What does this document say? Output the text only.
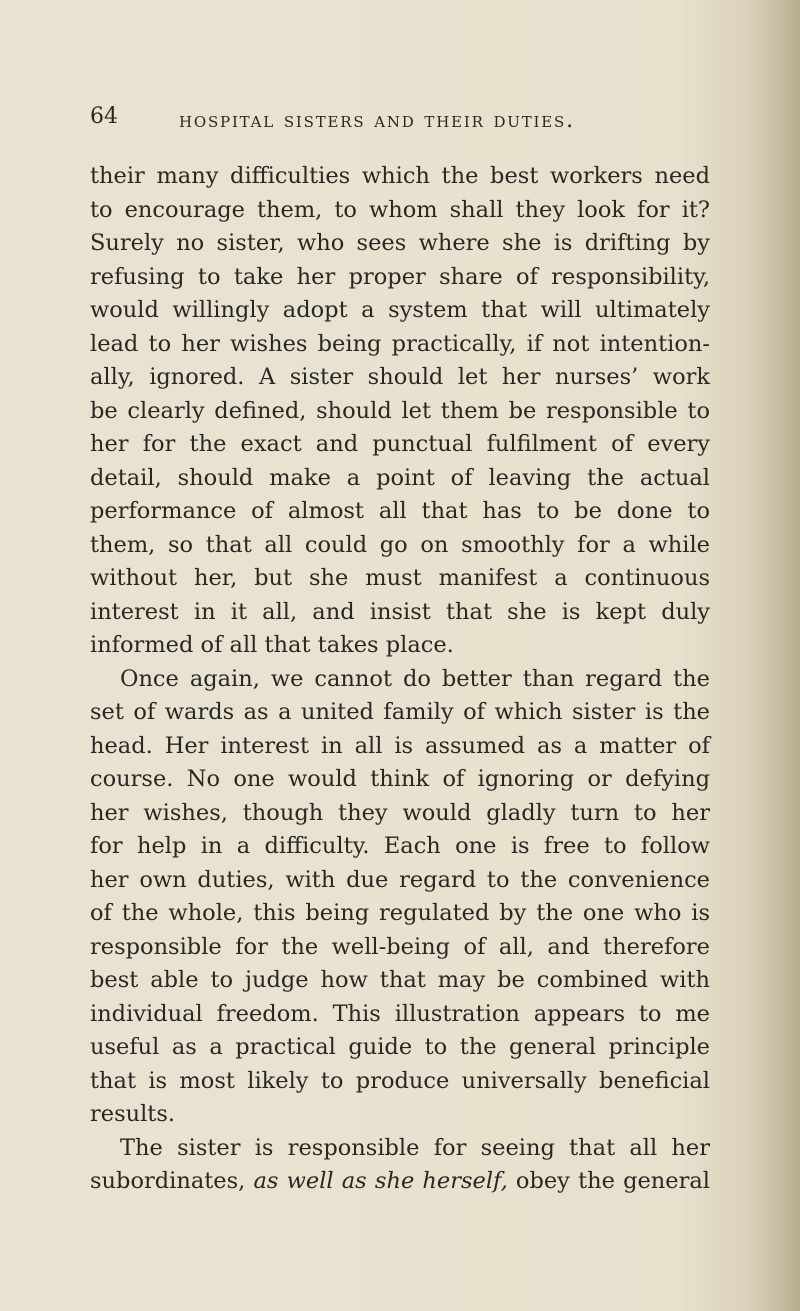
64	hospital sisters and their duties.
their many difficulties which the best workers need
to encourage them, to whom shall they look for it?
Surely no sister, who sees where she is drifting by
refusing to take her proper share of responsibility,
would willingly adopt a system that will ultimately
lead to her wishes being practically, if not intention-
ally, ignored. A sister should let her nurses’ work
be clearly defined, should let them be responsible to
her for the exact and punctual fulfilment of every
detail, should make a point of leaving the actual
performance of almost all that has to be done to
them, so that all could go on smoothly for a while
without her, but she must manifest a continuous
interest in it all, and insist that she is kept duly
informed of all that takes place.
Once again, we cannot do better than regard the
set of wards as a united family of which sister is the
head. Her interest in all is assumed as a matter of
course. No one would think of ignoring or defying
her wishes, though they would gladly turn to her
for help in a difficulty. Each one is free to follow
her own duties, with due regard to the convenience
of the whole, this being regulated by the one who is
responsible for the well-being of all, and therefore
best able to judge how that may be combined with
individual freedom. This illustration appears to me
useful as a practical guide to the general principle
that is most likely to produce universally beneficial
results.
The sister is responsible for seeing that all her
subordinates, as well as she herself, obey the general
